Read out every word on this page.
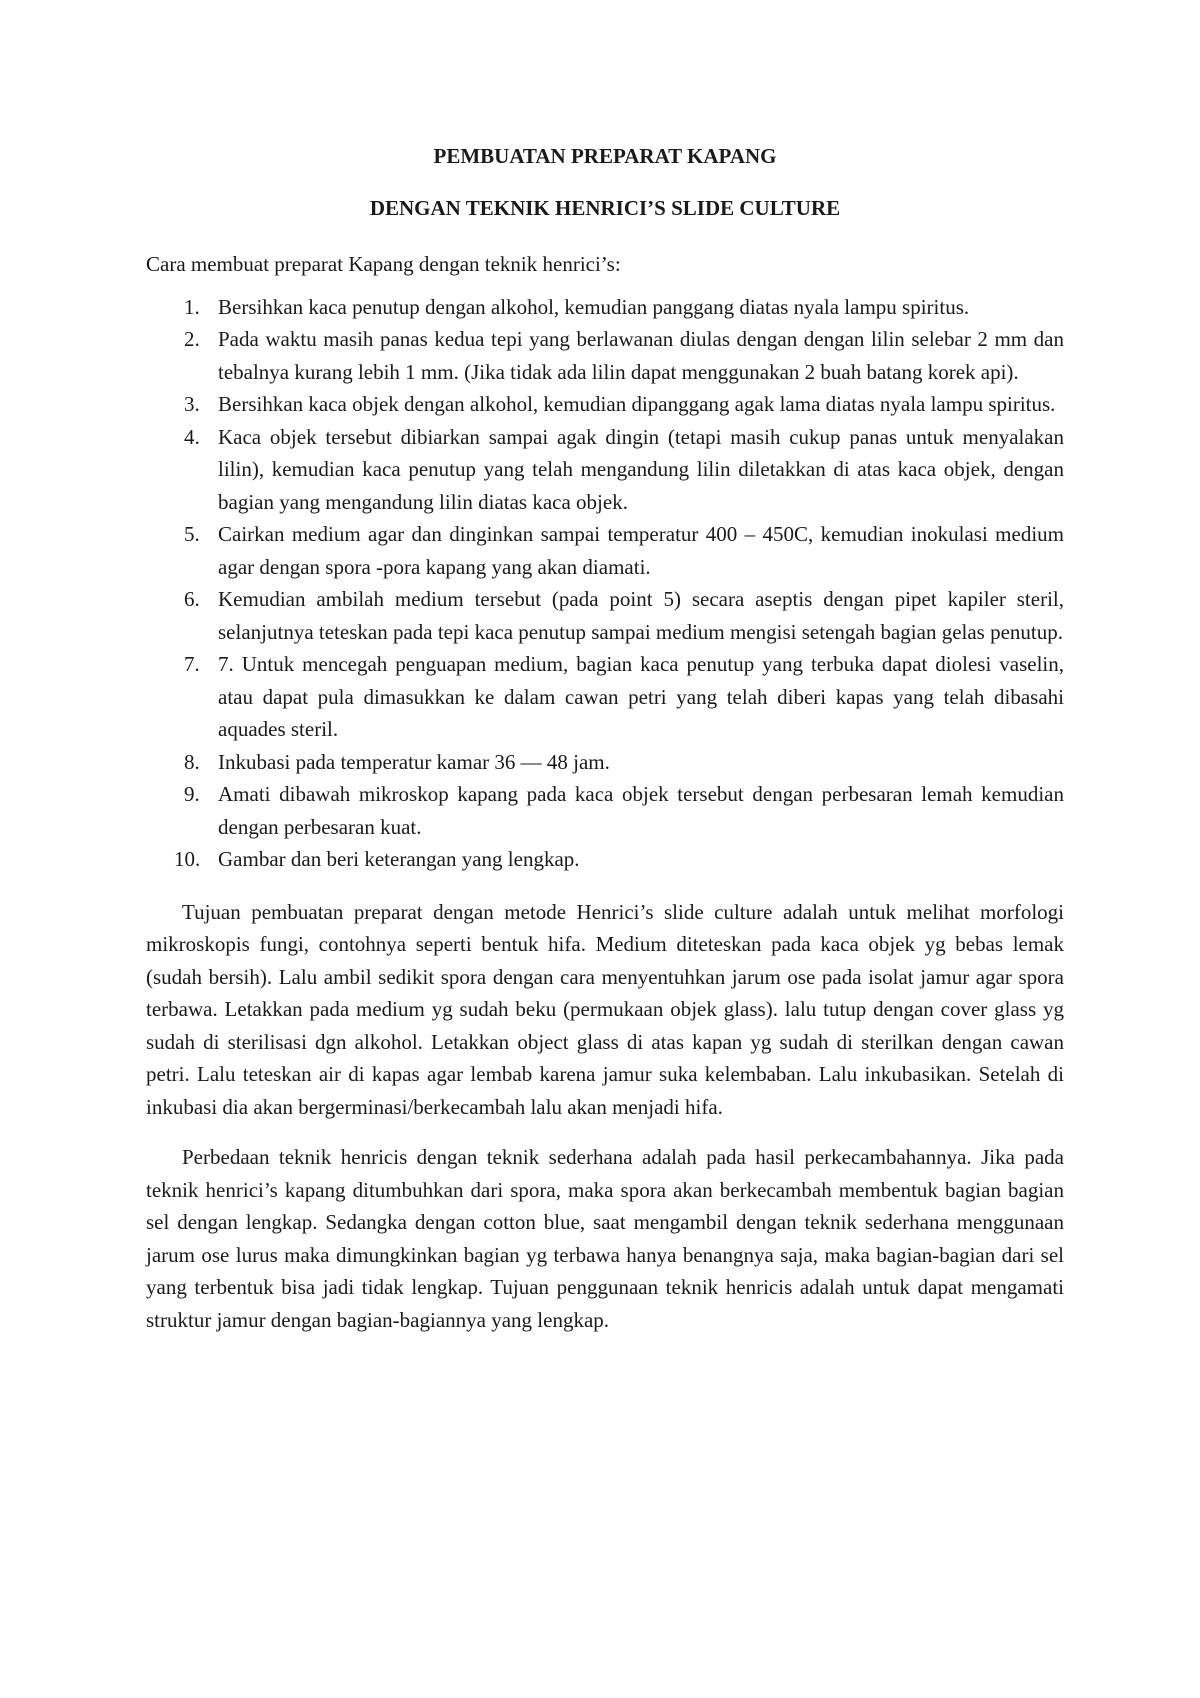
PEMBUATAN PREPARAT KAPANG
DENGAN TEKNIK HENRICI’S SLIDE CULTURE
Cara membuat preparat Kapang dengan teknik henrici’s:
1. Bersihkan kaca penutup dengan alkohol, kemudian panggang diatas nyala lampu spiritus.
2. Pada waktu masih panas kedua tepi yang berlawanan diulas dengan dengan lilin selebar 2 mm dan tebalnya kurang lebih 1 mm. (Jika tidak ada lilin dapat menggunakan 2 buah batang korek api).
3. Bersihkan kaca objek dengan alkohol, kemudian dipanggang agak lama diatas nyala lampu spiritus.
4. Kaca objek tersebut dibiarkan sampai agak dingin (tetapi masih cukup panas untuk menyalakan lilin), kemudian kaca penutup yang telah mengandung lilin diletakkan di atas kaca objek, dengan bagian yang mengandung lilin diatas kaca objek.
5. Cairkan medium agar dan dinginkan sampai temperatur 400 – 450C, kemudian inokulasi medium agar dengan spora -pora kapang yang akan diamati.
6. Kemudian ambilah medium tersebut (pada point 5) secara aseptis dengan pipet kapiler steril, selanjutnya teteskan pada tepi kaca penutup sampai medium mengisi setengah bagian gelas penutup.
7. 7. Untuk mencegah penguapan medium, bagian kaca penutup yang terbuka dapat diolesi vaselin, atau dapat pula dimasukkan ke dalam cawan petri yang telah diberi kapas yang telah dibasahi aquades steril.
8. Inkubasi pada temperatur kamar 36 — 48 jam.
9. Amati dibawah mikroskop kapang pada kaca objek tersebut dengan perbesaran lemah kemudian dengan perbesaran kuat.
10. Gambar dan beri keterangan yang lengkap.

Tujuan pembuatan preparat dengan metode Henrici’s slide culture adalah untuk melihat morfologi mikroskopis fungi, contohnya seperti bentuk hifa. Medium diteteskan pada kaca objek yg bebas lemak (sudah bersih). Lalu ambil sedikit spora dengan cara menyentuhkan jarum ose pada isolat jamur agar spora terbawa. Letakkan pada medium yg sudah beku (permukaan objek glass). lalu tutup dengan cover glass yg sudah di sterilisasi dgn alkohol. Letakkan object glass di atas kapan yg sudah di sterilkan dengan cawan petri. Lalu teteskan air di kapas agar lembab karena jamur suka kelembaban. Lalu inkubasikan. Setelah di inkubasi dia akan bergerminasi/berkecambah lalu akan menjadi hifa.

Perbedaan teknik henricis dengan teknik sederhana adalah pada hasil perkecambahannya. Jika pada teknik henrici’s kapang ditumbuhkan dari spora, maka spora akan berkecambah membentuk bagian bagian sel dengan lengkap. Sedangka dengan cotton blue, saat mengambil dengan teknik sederhana menggunaan jarum ose lurus maka dimungkinkan bagian yg terbawa hanya benangnya saja, maka bagian-bagian dari sel yang terbentuk bisa jadi tidak lengkap. Tujuan penggunaan teknik henricis adalah untuk dapat mengamati struktur jamur dengan bagian-bagiannya yang lengkap.
